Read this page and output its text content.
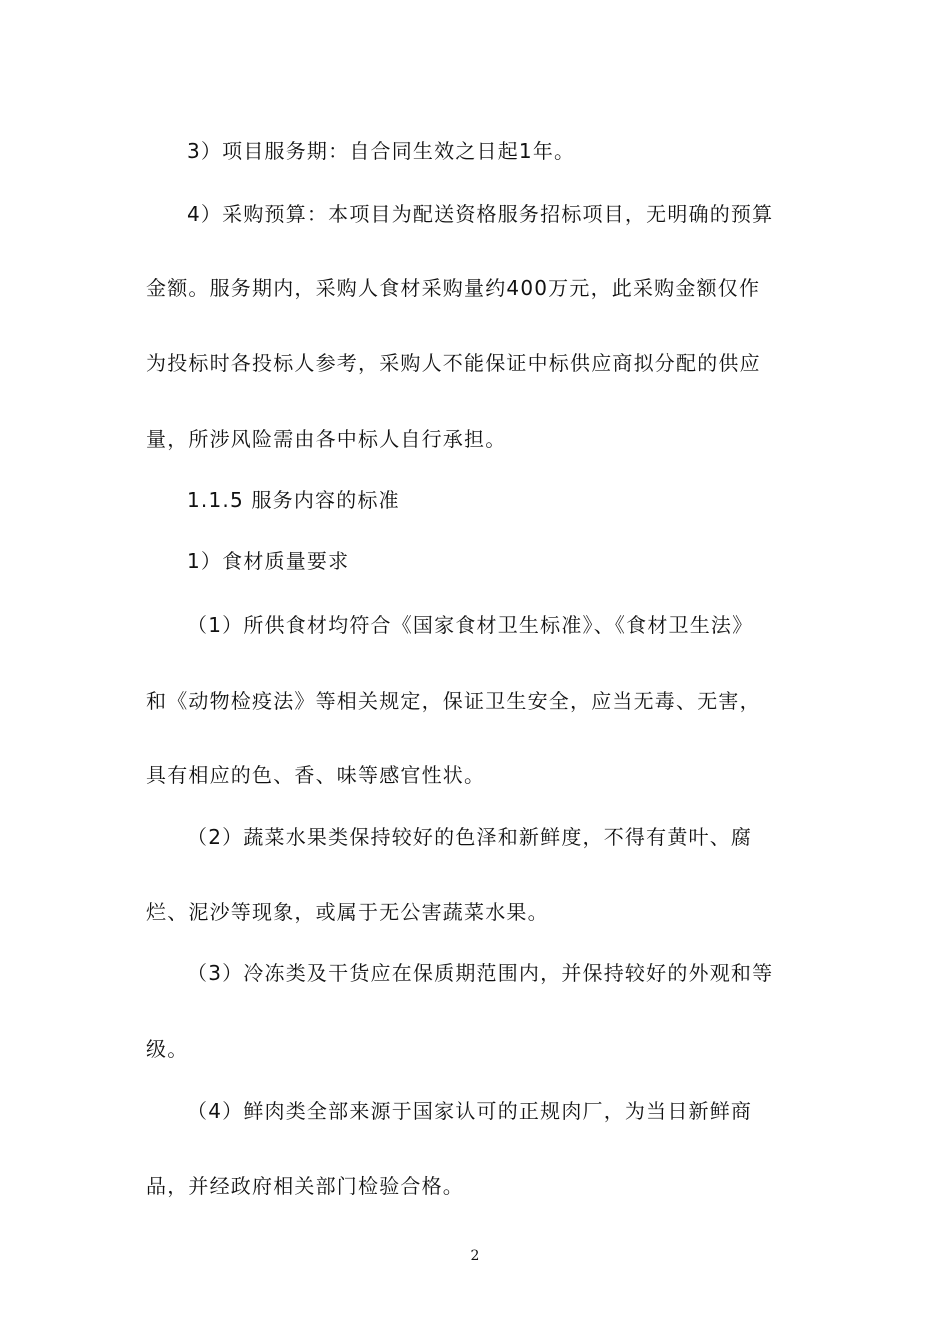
3）项目服务期：自合同生效之日起1年。
4）采购预算：本项目为配送资格服务招标项目，无明确的预算
金额。服务期内，采购人食材采购量约400万元，此采购金额仅作
为投标时各投标人参考，采购人不能保证中标供应商拟分配的供应
量，所涉风险需由各中标人自行承担。
1.1.5 服务内容的标准
1）食材质量要求
（1）所供食材均符合《国家食材卫生标准》、《食材卫生法》
和《动物检疫法》等相关规定，保证卫生安全，应当无毒、无害，
具有相应的色、香、味等感官性状。
（2）蔬菜水果类保持较好的色泽和新鲜度，不得有黄叶、腐
烂、泥沙等现象，或属于无公害蔬菜水果。
（3）冷冻类及干货应在保质期范围内，并保持较好的外观和等
级。
（4）鲜肉类全部来源于国家认可的正规肉厂，为当日新鲜商
品，并经政府相关部门检验合格。
2
